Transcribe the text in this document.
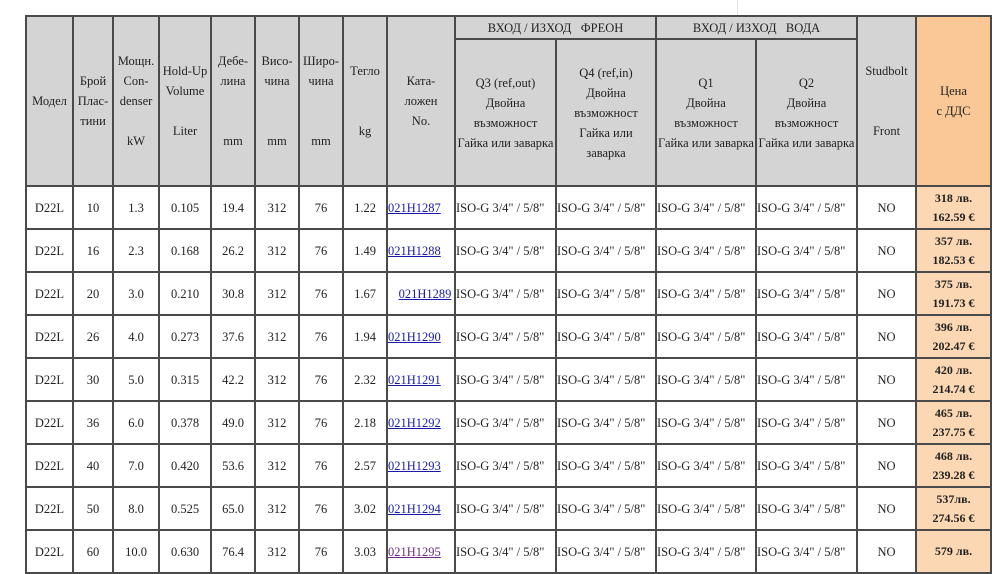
Модел	Брой
Плас-
тини	Мощн.
Con-
denser

kW	Hold-Up
Volume

Liter	Дебе-
лина

mm	Висо-
чина

mm	Широ-
чина

mm	Тегло

kg	Ката-
ложен
No.	ВХОД / ИЗХОД   ФРЕОН		ВХОД / ИЗХОД   ВОДА		Studbolt

Front	Цена
с ДДС

									Q3 (ref,out)
Двойна
възможност
Гайка или заварка	Q4 (ref,in)
Двойна
възможност
Гайка или
заварка	Q1
Двойна
възможност
Гайка или заварка	Q2
Двойна
възможност
Гайка или заварка		

D22L	10	1.3	0.105	19.4	312	76	1.22	021H1287	ISO-G 3/4" / 5/8"	ISO-G 3/4" / 5/8"	ISO-G 3/4" / 5/8"	ISO-G 3/4" / 5/8"	NO	318 лв.
162.59 €

D22L	16	2.3	0.168	26.2	312	76	1.49	021H1288	ISO-G 3/4" / 5/8"	ISO-G 3/4" / 5/8"	ISO-G 3/4" / 5/8"	ISO-G 3/4" / 5/8"	NO	357 лв.
182.53 €

D22L	20	3.0	0.210	30.8	312	76	1.67	021H1289	ISO-G 3/4" / 5/8"	ISO-G 3/4" / 5/8"	ISO-G 3/4" / 5/8"	ISO-G 3/4" / 5/8"	NO	375 лв.
191.73 €

D22L	26	4.0	0.273	37.6	312	76	1.94	021H1290	ISO-G 3/4" / 5/8"	ISO-G 3/4" / 5/8"	ISO-G 3/4" / 5/8"	ISO-G 3/4" / 5/8"	NO	396 лв.
202.47 €

D22L	30	5.0	0.315	42.2	312	76	2.32	021H1291	ISO-G 3/4" / 5/8"	ISO-G 3/4" / 5/8"	ISO-G 3/4" / 5/8"	ISO-G 3/4" / 5/8"	NO	420 лв.
214.74 €

D22L	36	6.0	0.378	49.0	312	76	2.18	021H1292	ISO-G 3/4" / 5/8"	ISO-G 3/4" / 5/8"	ISO-G 3/4" / 5/8"	ISO-G 3/4" / 5/8"	NO	465 лв.
237.75 €

D22L	40	7.0	0.420	53.6	312	76	2.57	021H1293	ISO-G 3/4" / 5/8"	ISO-G 3/4" / 5/8"	ISO-G 3/4" / 5/8"	ISO-G 3/4" / 5/8"	NO	468 лв.
239.28 €

D22L	50	8.0	0.525	65.0	312	76	3.02	021H1294	ISO-G 3/4" / 5/8"	ISO-G 3/4" / 5/8"	ISO-G 3/4" / 5/8"	ISO-G 3/4" / 5/8"	NO	537лв.
274.56 €

D22L	60	10.0	0.630	76.4	312	76	3.03	021H1295	ISO-G 3/4" / 5/8"	ISO-G 3/4" / 5/8"	ISO-G 3/4" / 5/8"	ISO-G 3/4" / 5/8"	NO	579 лв.
